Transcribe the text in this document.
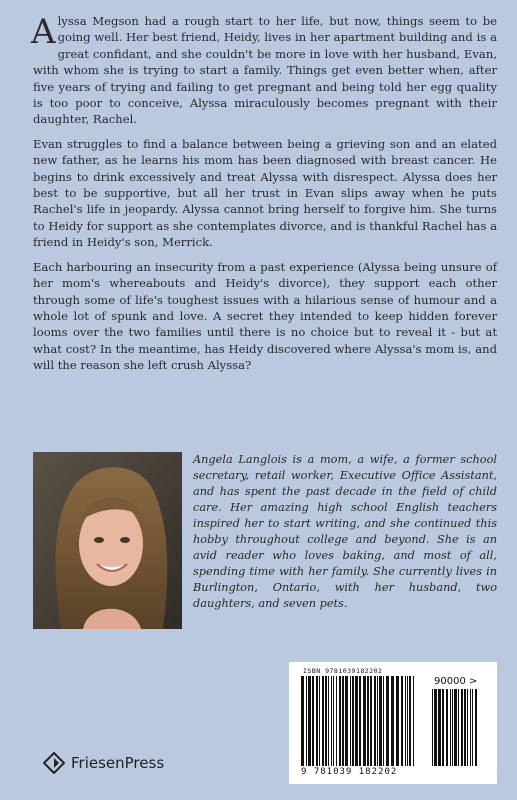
Alyssa Megson had a rough start to her life, but now, things seem to be going well. Her best friend, Heidy, lives in her apartment building and is a great confidant, and she couldn't be more in love with her husband, Evan, with whom she is trying to start a family. Things get even better when, after five years of trying and failing to get pregnant and being told her egg quality is too poor to conceive, Alyssa miraculously becomes pregnant with their daughter, Rachel.

Evan struggles to find a balance between being a grieving son and an elated new father, as he learns his mom has been diagnosed with breast cancer. He begins to drink excessively and treat Alyssa with disrespect. Alyssa does her best to be supportive, but all her trust in Evan slips away when he puts Rachel's life in jeopardy. Alyssa cannot bring herself to forgive him. She turns to Heidy for support as she contemplates divorce, and is thankful Rachel has a friend in Heidy's son, Merrick.

Each harbouring an insecurity from a past experience (Alyssa being unsure of her mom's whereabouts and Heidy's divorce), they support each other through some of life's toughest issues with a hilarious sense of humour and a whole lot of spunk and love. A secret they intended to keep hidden forever looms over the two families until there is no choice but to reveal it - but at what cost? In the meantime, has Heidy discovered where Alyssa's mom is, and will the reason she left crush Alyssa?

Angela Langlois is a mom, a wife, a former school secretary, retail worker, Executive Office Assistant, and has spent the past decade in the field of child care. Her amazing high school English teachers inspired her to start writing, and she continued this hobby throughout college and beyond. She is an avid reader who loves baking, and most of all, spending time with her family. She currently lives in Burlington, Ontario, with her husband, two daughters, and seven pets.
FriesenPress
ISBN 9781039182202
90000 >
9 781039 182202
